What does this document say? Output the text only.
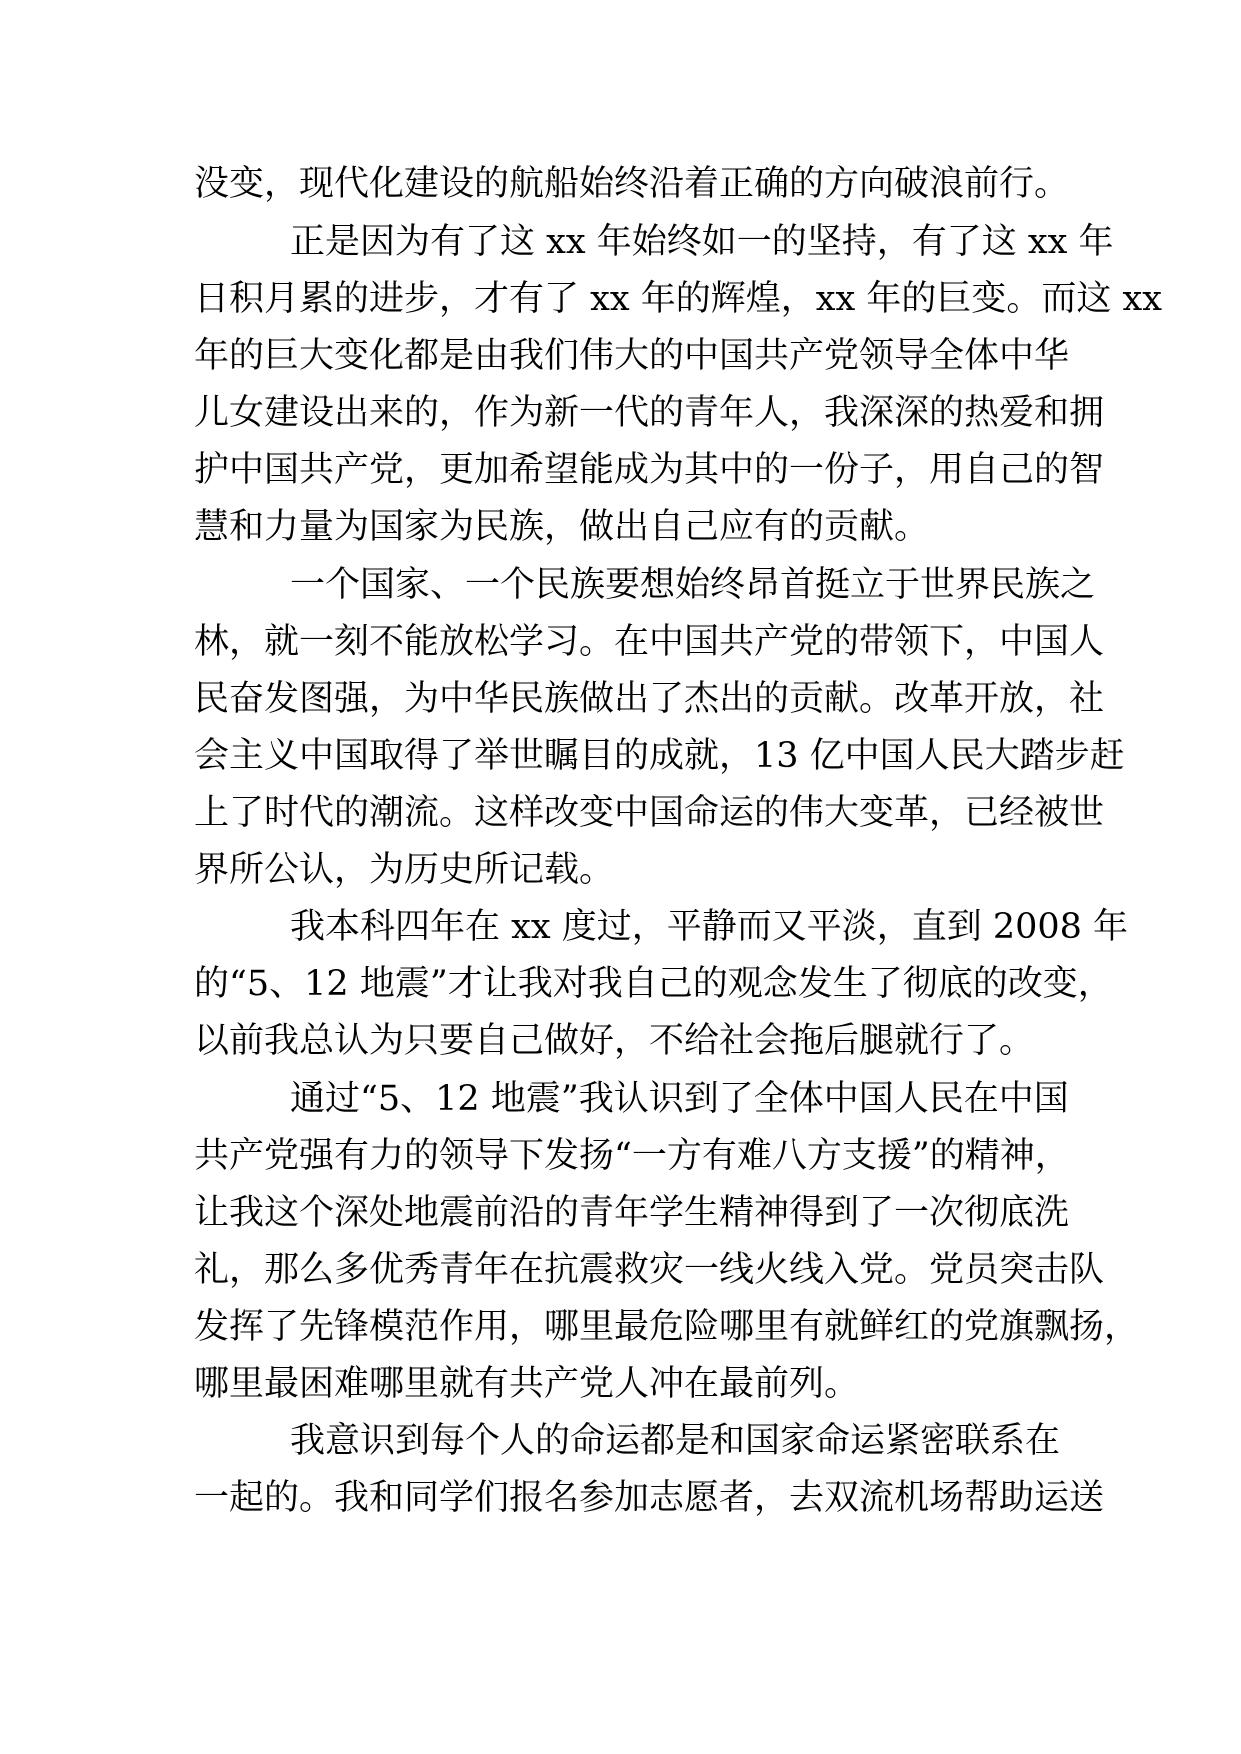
没变，现代化建设的航船始终沿着正确的方向破浪前行。
正是因为有了这 xx 年始终如一的坚持，有了这 xx 年
日积月累的进步，才有了 xx 年的辉煌，xx 年的巨变。而这 xx
年的巨大变化都是由我们伟大的中国共产党领导全体中华
儿女建设出来的，作为新一代的青年人，我深深的热爱和拥
护中国共产党，更加希望能成为其中的一份子，用自己的智
慧和力量为国家为民族，做出自己应有的贡献。
一个国家、一个民族要想始终昂首挺立于世界民族之
林，就一刻不能放松学习。在中国共产党的带领下，中国人
民奋发图强，为中华民族做出了杰出的贡献。改革开放，社
会主义中国取得了举世瞩目的成就，13 亿中国人民大踏步赶
上了时代的潮流。这样改变中国命运的伟大变革，已经被世
界所公认，为历史所记载。
我本科四年在 xx 度过，平静而又平淡，直到 2008 年
的“5、12 地震”才让我对我自己的观念发生了彻底的改变，
以前我总认为只要自己做好，不给社会拖后腿就行了。
通过“5、12 地震”我认识到了全体中国人民在中国
共产党强有力的领导下发扬“一方有难八方支援”的精神，
让我这个深处地震前沿的青年学生精神得到了一次彻底洗
礼，那么多优秀青年在抗震救灾一线火线入党。党员突击队
发挥了先锋模范作用，哪里最危险哪里有就鲜红的党旗飘扬，
哪里最困难哪里就有共产党人冲在最前列。
我意识到每个人的命运都是和国家命运紧密联系在
一起的。我和同学们报名参加志愿者，去双流机场帮助运送
